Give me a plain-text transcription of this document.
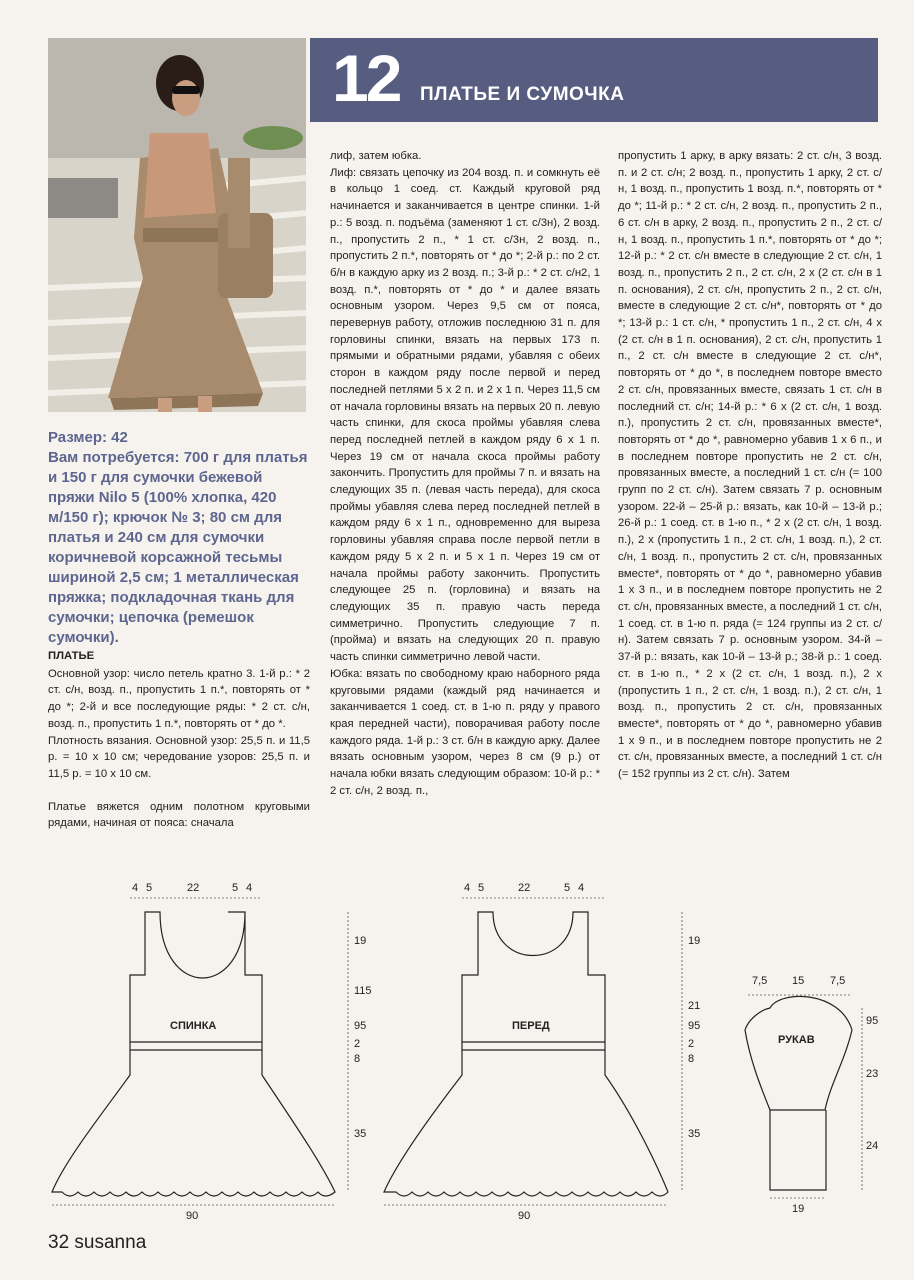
12 ПЛАТЬЕ И СУМОЧКА

Размер: 42

Вам потребуется: 700 г для платья и 150 г для сумочки бежевой пряжи Nilo 5 (100% хлопка, 420 м/150 г); крючок № 3; 80 см для платья и 240 см для сумочки коричневой корсажной тесьмы шириной 2,5 см; 1 металлическая пряжка; подкладочная ткань для сумочки; цепочка (ремешок сумочки).

ПЛАТЬЕ

Основной узор: число петель кратно 3. 1-й р.: * 2 ст. с/н, возд. п., пропустить 1 п.*, повторять от * до *; 2-й и все последующие ряды: * 2 ст. с/н, возд. п., пропустить 1 п.*, повторять от * до *.

Плотность вязания. Основной узор: 25,5 п. и 11,5 р. = 10 х 10 см; чередование узоров: 25,5 п. и 11,5 р. = 10 х 10 см.

Платье вяжется одним полотном круговыми рядами, начиная от пояса: сначала

лиф, затем юбка.

Лиф: связать цепочку из 204 возд. п. и сомкнуть её в кольцо 1 соед. ст. Каждый круговой ряд начинается и заканчивается в центре спинки. 1-й р.: 5 возд. п. подъёма (заменяют 1 ст. с/3н), 2 возд. п., пропустить 2 п., * 1 ст. с/3н, 2 возд. п., пропустить 2 п.*, повторять от * до *; 2-й р.: по 2 ст. б/н в каждую арку из 2 возд. п.; 3-й р.: * 2 ст. с/н2, 1 возд. п.*, повторять от * до * и далее вязать основным узором. Через 9,5 см от пояса, перевернув работу, отложив последнюю 31 п. для горловины спинки, вязать на первых 173 п. прямыми и обратными рядами, убавляя с обеих сторон в каждом ряду после первой и перед последней петлями 5 х 2 п. и 2 х 1 п. Через 11,5 см от начала горловины вязать на первых 20 п. левую часть спинки, для скоса проймы убавляя слева перед последней петлей в каждом ряду 6 х 1 п. Через 19 см от начала скоса проймы работу закончить. Пропустить для проймы 7 п. и вязать на следующих 35 п. (левая часть переда), для скоса проймы убавляя слева перед последней петлей в каждом ряду 6 х 1 п., одновременно для выреза горловины убавляя справа после первой петли в каждом ряду 5 х 2 п. и 5 х 1 п. Через 19 см от начала проймы работу закончить. Пропустить следующее 25 п. (горловина) и вязать на следующих 35 п. правую часть переда симметрично. Пропустить следующие 7 п. (пройма) и вязать на следующих 20 п. правую часть спинки симметрично левой части.

Юбка: вязать по свободному краю наборного ряда круговыми рядами (каждый ряд начинается и заканчивается 1 соед. ст. в 1-ю п. ряду у правого края передней части), поворачивая работу после каждого ряда. 1-й р.: 3 ст. б/н в каждую арку. Далее вязать основным узором, через 8 см (9 р.) от начала юбки вязать следующим образом: 10-й р.: * 2 ст. с/н, 2 возд. п.,

пропустить 1 арку, в арку вязать: 2 ст. с/н, 3 возд. п. и 2 ст. с/н; 2 возд. п., пропустить 1 арку, 2 ст. с/н, 1 возд. п., пропустить 1 возд. п.*, повторять от * до *; 11-й р.: * 2 ст. с/н, 2 возд. п., пропустить 2 п., 6 ст. с/н в арку, 2 возд. п., пропустить 2 п., 2 ст. с/н, 1 возд. п., пропустить 1 п.*, повторять от * до *; 12-й р.: * 2 ст. с/н вместе в следующие 2 ст. с/н, 1 возд. п., пропустить 2 п., 2 ст. с/н, 2 х (2 ст. с/н в 1 п. основания), 2 ст. с/н, пропустить 2 п., 2 ст. с/н, вместе в следующие 2 ст. с/н*, повторять от * до *; 13-й р.: 1 ст. с/н, * пропустить 1 п., 2 ст. с/н, 4 х (2 ст. с/н в 1 п. основания), 2 ст. с/н, пропустить 1 п., 2 ст. с/н вместе в следующие 2 ст. с/н*, повторять от * до *, в последнем повторе вместо 2 ст. с/н, провязанных вместе, связать 1 ст. с/н в последний ст. с/н; 14-й р.: * 6 х (2 ст. с/н, 1 возд. п.), пропустить 2 ст. с/н, провязанных вместе*, повторять от * до *, равномерно убавив 1 х 6 п., и в последнем повторе пропустить не 2 ст. с/н, провязанных вместе, а последний 1 ст. с/н (= 100 групп по 2 ст. с/н). Затем связать 7 р. основным узором. 22-й – 25-й р.: вязать, как 10-й – 13-й р.; 26-й р.: 1 соед. ст. в 1-ю п., * 2 х (2 ст. с/н, 1 возд. п.), 2 х (пропустить 1 п., 2 ст. с/н, 1 возд. п.), 2 ст. с/н, 1 возд. п., пропустить 2 ст. с/н, провязанных вместе*, повторять от * до *, равномерно убавив 1 х 3 п., и в последнем повторе пропустить не 2 ст. с/н, провязанных вместе, а последний 1 ст. с/н, 1 соед. ст. в 1-ю п. ряда (= 124 группы из 2 ст. с/н). Затем связать 7 р. основным узором. 34-й – 37-й р.: вязать, как 10-й – 13-й р.; 38-й р.: 1 соед. ст. в 1-ю п., * 2 х (2 ст. с/н, 1 возд. п.), 2 х (пропустить 1 п., 2 ст. с/н, 1 возд. п.), 2 ст. с/н, 1 возд. п., пропустить 2 ст. с/н, провязанных вместе*, повторять от * до *, равномерно убавив 1 х 9 п., и в последнем повторе пропустить не 2 ст. с/н, провязанных вместе, а последний 1 ст. с/н (= 152 группы из 2 ст. с/н). Затем

СПИНКА
4 5	22	5 4
19
115
95
2
8
35
90
ПЕРЕД
4 5	22	5 4
19
21
95
2
8
35
90
РУКАВ
7,5 15 7,5
95
23
24
19
32 susanna
